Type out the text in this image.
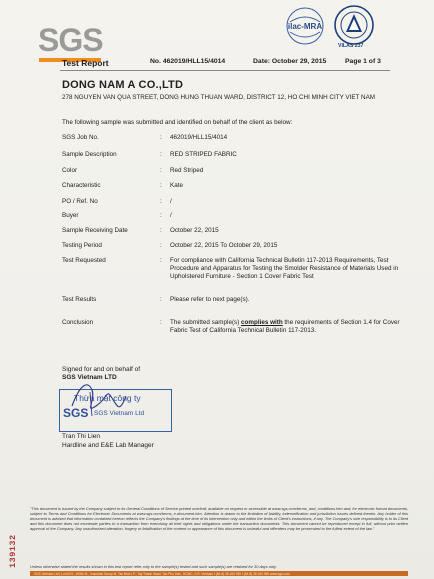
SGS	ilac-MRA
VILAS 237
Test Report	No. 462019/HLL15/4014	Date: October 29, 2015	Page 1 of 3
DONG NAM A CO.,LTD
278 NGUYEN VAN QUA STREET, DONG HUNG THUAN WARD, DISTRICT 12, HO CHI MINH CITY VIET NAM
The following sample was submitted and identified on behalf of the client as below:
SGS Job No.	: 462019/HLL15/4014
Sample Description	: RED STRIPED FABRIC
Color	: Red Striped
Characteristic	: Kate
PO / Ref. No	: /
Buyer	: /
Sample Receiving Date	: October 22, 2015
Testing Period	: October 22, 2015 To October 29, 2015
Test Requested	: For compliance with California Technical Bulletin 117-2013 Requirements, Test Procedure and Apparatus for Testing the Smolder Resistance of Materials Used in Upholstered Furniture - Section 1 Cover Fabric Test
Test Results	: Please refer to next page(s).
Conclusion	: The submitted sample(s) complies with the requirements of Section 1.4 for Cover Fabric Test of California Technical Bulletin 117-2013.
Signed for and on behalf of
SGS Vietnam LTD
Thừa mật công ty
SGS SGS Vietnam Ltd
Tran Thi Lien
Hardline and E&E Lab Manager
139132
"This document is issued by the Company subject to its General Conditions of Service printed overleaf, available on request or accessible at www.sgs.com/terms_and_conditions.htm and, for electronic format documents, subject to Terms and Conditions for Electronic Documents at www.sgs.com/terms_e-document.htm. Attention is drawn to the limitation of liability, indemnification and jurisdiction issues defined therein. Any holder of this document is advised that information contained hereon reflects the Company's findings at the time of its intervention only and within the limits of Client's instructions, if any. The Company's sole responsibility is to its Client and this document does not exonerate parties to a transaction from exercising all their rights and obligations under the transaction documents. This document cannot be reproduced except in full, without prior written approval of the Company. Any unauthorized alteration, forgery or falsification of the content or appearance of this document is unlawful and offenders may be prosecuted to the fullest extent of the law."
Unless otherwise stated the results shown in this test report refer only to the sample(s) tested and such sample(s) are retained for 30 days only.
SGS Vietnam Ltd | Lot III/21, 19/5A St., Industrial Group III, Tan Binh I.P., Tay Thanh Ward, Tan Phu Dist., HCMC, S.R. Vietnam t (84-8) 38 160 999 f (84-8) 38 160 996 www.sgs.com
